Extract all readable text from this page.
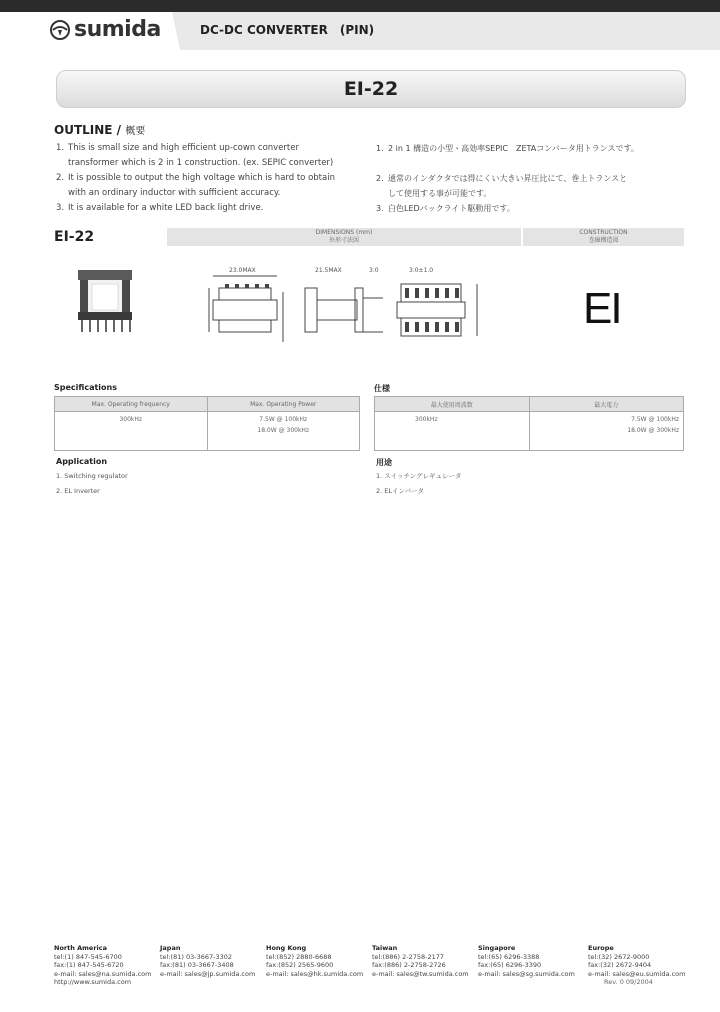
sumida	DC-DC CONVERTER　(PIN)
EI-22
OUTLINE / 概要
1. This is small size and high efficient up-cown converter
transformer which is 2 in 1 construction. (ex. SEPIC converter)
2. It is possible to output the high voltage which is hard to obtain
with an ordinary inductor with sufficient accuracy.
3. It is available for a white LED back light drive.
1. 2 in 1 構造の小型・高効率SEPIC　ZETAコンバータ用トランスです。
2. 通常のインダクタでは得にくい大きい昇圧比にて、巻上トランスと
して使用する事が可能です。
3. 白色LEDバックライト駆動用です。
EI-22	DIMENSIONS (mm)
外形寸法図
CONSTRUCTION
巻線構造図
23.0MAX	21.5MAX	3.0	3.0±1.0
EI
Specifications
Max. Operating frequency	Max. Operating Power
300kHz	7.5W @ 100kHz
18.0W @ 300kHz
仕様
最大使用周波数	最大電力
300kHz	7.5W @ 100kHz
18.0W @ 300kHz
Application
1. Switching regulator
2. EL Inverter
用途
1. スイッチングレギュレータ
2. ELインバータ
North America
tel:(1) 847-545-6700
fax:(1) 847-545-6720
e-mail: sales@na.sumida.com
Japan
tel:(81) 03-3667-3302
fax:(81) 03-3667-3408
e-mail: sales@jp.sumida.com
Hong Kong
tel:(852) 2880-6688
fax:(852) 2565-9600
e-mail: sales@hk.sumida.com
Taiwan
tel:(886) 2-2758-2177
fax:(886) 2-2758-2726
e-mail: sales@tw.sumida.com
Singapore
tel:(65) 6296-3388
fax:(65) 6296-3390
e-mail: sales@sg.sumida.com
Europe
tel:(32) 2672-9000
fax:(32) 2672-9404
e-mail: sales@eu.sumida.com
http://www.sumida.com	Rev. 0 09/2004
